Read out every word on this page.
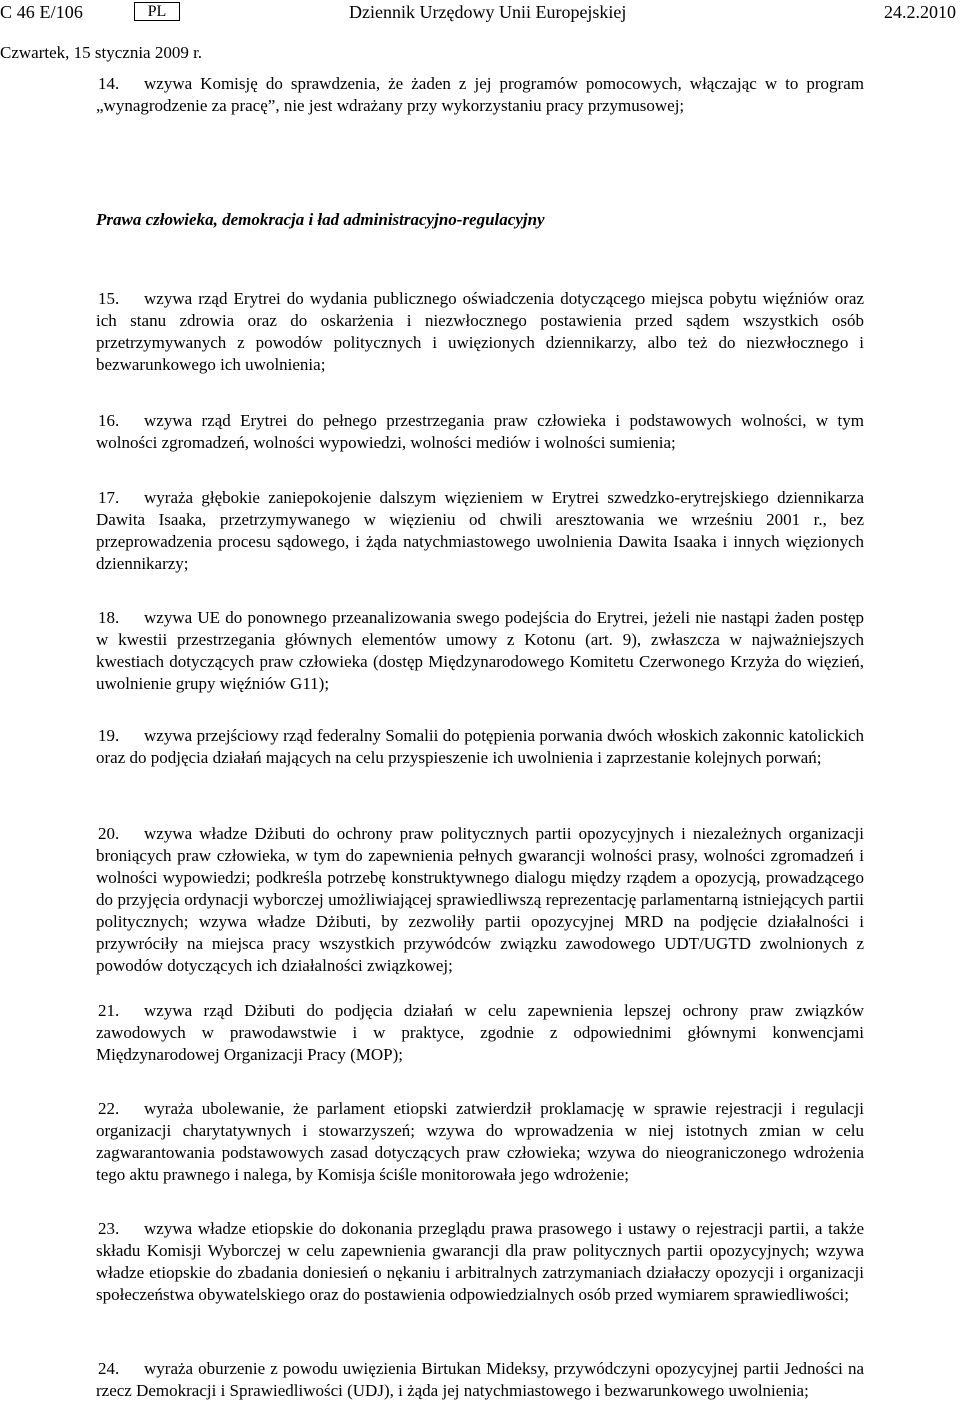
C 46 E/106	PL	Dziennik Urzędowy Unii Europejskiej	24.2.2010
Czwartek, 15 stycznia 2009 r.
14. wzywa Komisję do sprawdzenia, że żaden z jej programów pomocowych, włączając w to program „wynagrodzenie za pracę”, nie jest wdrażany przy wykorzystaniu pracy przymusowej;
Prawa człowieka, demokracja i ład administracyjno-regulacyjny
15. wzywa rząd Erytrei do wydania publicznego oświadczenia dotyczącego miejsca pobytu więźniów oraz ich stanu zdrowia oraz do oskarżenia i niezwłocznego postawienia przed sądem wszystkich osób przetrzymywanych z powodów politycznych i uwięzionych dziennikarzy, albo też do niezwłocznego i bezwarunkowego ich uwolnienia;
16. wzywa rząd Erytrei do pełnego przestrzegania praw człowieka i podstawowych wolności, w tym wolności zgromadzeń, wolności wypowiedzi, wolności mediów i wolności sumienia;
17. wyraża głębokie zaniepokojenie dalszym więzieniem w Erytrei szwedzko-erytrejskiego dziennikarza Dawita Isaaka, przetrzymywanego w więzieniu od chwili aresztowania we wrześniu 2001 r., bez przeprowadzenia procesu sądowego, i żąda natychmiastowego uwolnienia Dawita Isaaka i innych więzionych dziennikarzy;
18. wzywa UE do ponownego przeanalizowania swego podejścia do Erytrei, jeżeli nie nastąpi żaden postęp w kwestii przestrzegania głównych elementów umowy z Kotonu (art. 9), zwłaszcza w najważniejszych kwestiach dotyczących praw człowieka (dostęp Międzynarodowego Komitetu Czerwonego Krzyża do więzień, uwolnienie grupy więźniów G11);
19. wzywa przejściowy rząd federalny Somalii do potępienia porwania dwóch włoskich zakonnic katolickich oraz do podjęcia działań mających na celu przyspieszenie ich uwolnienia i zaprzestanie kolejnych porwań;
20. wzywa władze Dżibuti do ochrony praw politycznych partii opozycyjnych i niezależnych organizacji broniących praw człowieka, w tym do zapewnienia pełnych gwarancji wolności prasy, wolności zgromadzeń i wolności wypowiedzi; podkreśla potrzebę konstruktywnego dialogu między rządem a opozycją, prowadzącego do przyjęcia ordynacji wyborczej umożliwiającej sprawiedliwszą reprezentację parlamentarną istniejących partii politycznych; wzywa władze Dżibuti, by zezwoliły partii opozycyjnej MRD na podjęcie działalności i przywróciły na miejsca pracy wszystkich przywódców związku zawodowego UDT/UGTD zwolnionych z powodów dotyczących ich działalności związkowej;
21. wzywa rząd Dżibuti do podjęcia działań w celu zapewnienia lepszej ochrony praw związków zawodowych w prawodawstwie i w praktyce, zgodnie z odpowiednimi głównymi konwencjami Międzynarodowej Organizacji Pracy (MOP);
22. wyraża ubolewanie, że parlament etiopski zatwierdził proklamację w sprawie rejestracji i regulacji organizacji charytatywnych i stowarzyszeń; wzywa do wprowadzenia w niej istotnych zmian w celu zagwarantowania podstawowych zasad dotyczących praw człowieka; wzywa do nieograniczonego wdrożenia tego aktu prawnego i nalega, by Komisja ściśle monitorowała jego wdrożenie;
23. wzywa władze etiopskie do dokonania przeglądu prawa prasowego i ustawy o rejestracji partii, a także składu Komisji Wyborczej w celu zapewnienia gwarancji dla praw politycznych partii opozycyjnych; wzywa władze etiopskie do zbadania doniesień o nękaniu i arbitralnych zatrzymaniach działaczy opozycji i organizacji społeczeństwa obywatelskiego oraz do postawienia odpowiedzialnych osób przed wymiarem sprawiedliwości;
24. wyraża oburzenie z powodu uwięzienia Birtukan Mideksy, przywódczyni opozycyjnej partii Jedności na rzecz Demokracji i Sprawiedliwości (UDJ), i żąda jej natychmiastowego i bezwarunkowego uwolnienia;
